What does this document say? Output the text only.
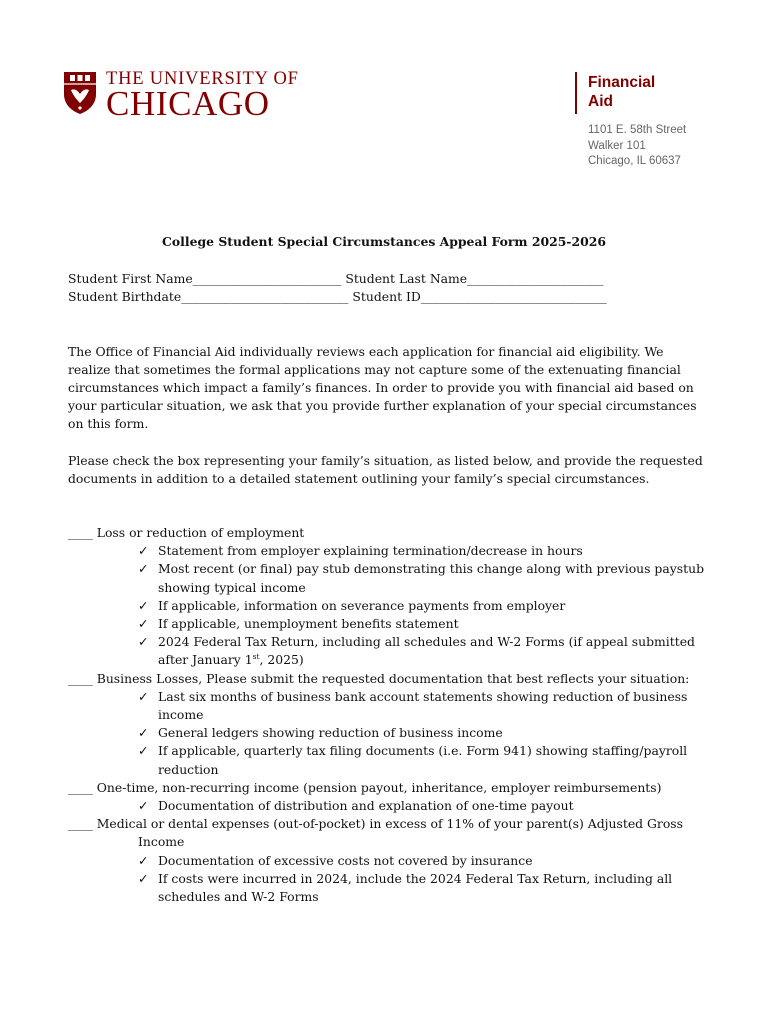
THE UNIVERSITY OF
CHICAGO
Financial
Aid
1101 E. 58th Street
Walker 101
Chicago, IL 60637
College Student Special Circumstances Appeal Form 2025-2026
Student First Name________________________ Student Last Name______________________
Student Birthdate___________________________ Student ID______________________________
The Office of Financial Aid individually reviews each application for financial aid eligibility. We realize that sometimes the formal applications may not capture some of the extenuating financial circumstances which impact a family’s finances. In order to provide you with financial aid based on your particular situation, we ask that you provide further explanation of your special circumstances on this form.
Please check the box representing your family’s situation, as listed below, and provide the requested documents in addition to a detailed statement outlining your family’s special circumstances.
____ Loss or reduction of employment
✓ Statement from employer explaining termination/decrease in hours
✓ Most recent (or final) pay stub demonstrating this change along with previous paystub showing typical income
✓ If applicable, information on severance payments from employer
✓ If applicable, unemployment benefits statement
✓ 2024 Federal Tax Return, including all schedules and W-2 Forms (if appeal submitted after January 1st, 2025)
____ Business Losses, Please submit the requested documentation that best reflects your situation:
✓ Last six months of business bank account statements showing reduction of business income
✓ General ledgers showing reduction of business income
✓ If applicable, quarterly tax filing documents (i.e. Form 941) showing staffing/payroll reduction
____ One-time, non-recurring income (pension payout, inheritance, employer reimbursements)
✓ Documentation of distribution and explanation of one-time payout
____ Medical or dental expenses (out-of-pocket) in excess of 11% of your parent(s) Adjusted Gross
Income
✓ Documentation of excessive costs not covered by insurance
✓ If costs were incurred in 2024, include the 2024 Federal Tax Return, including all schedules and W-2 Forms
